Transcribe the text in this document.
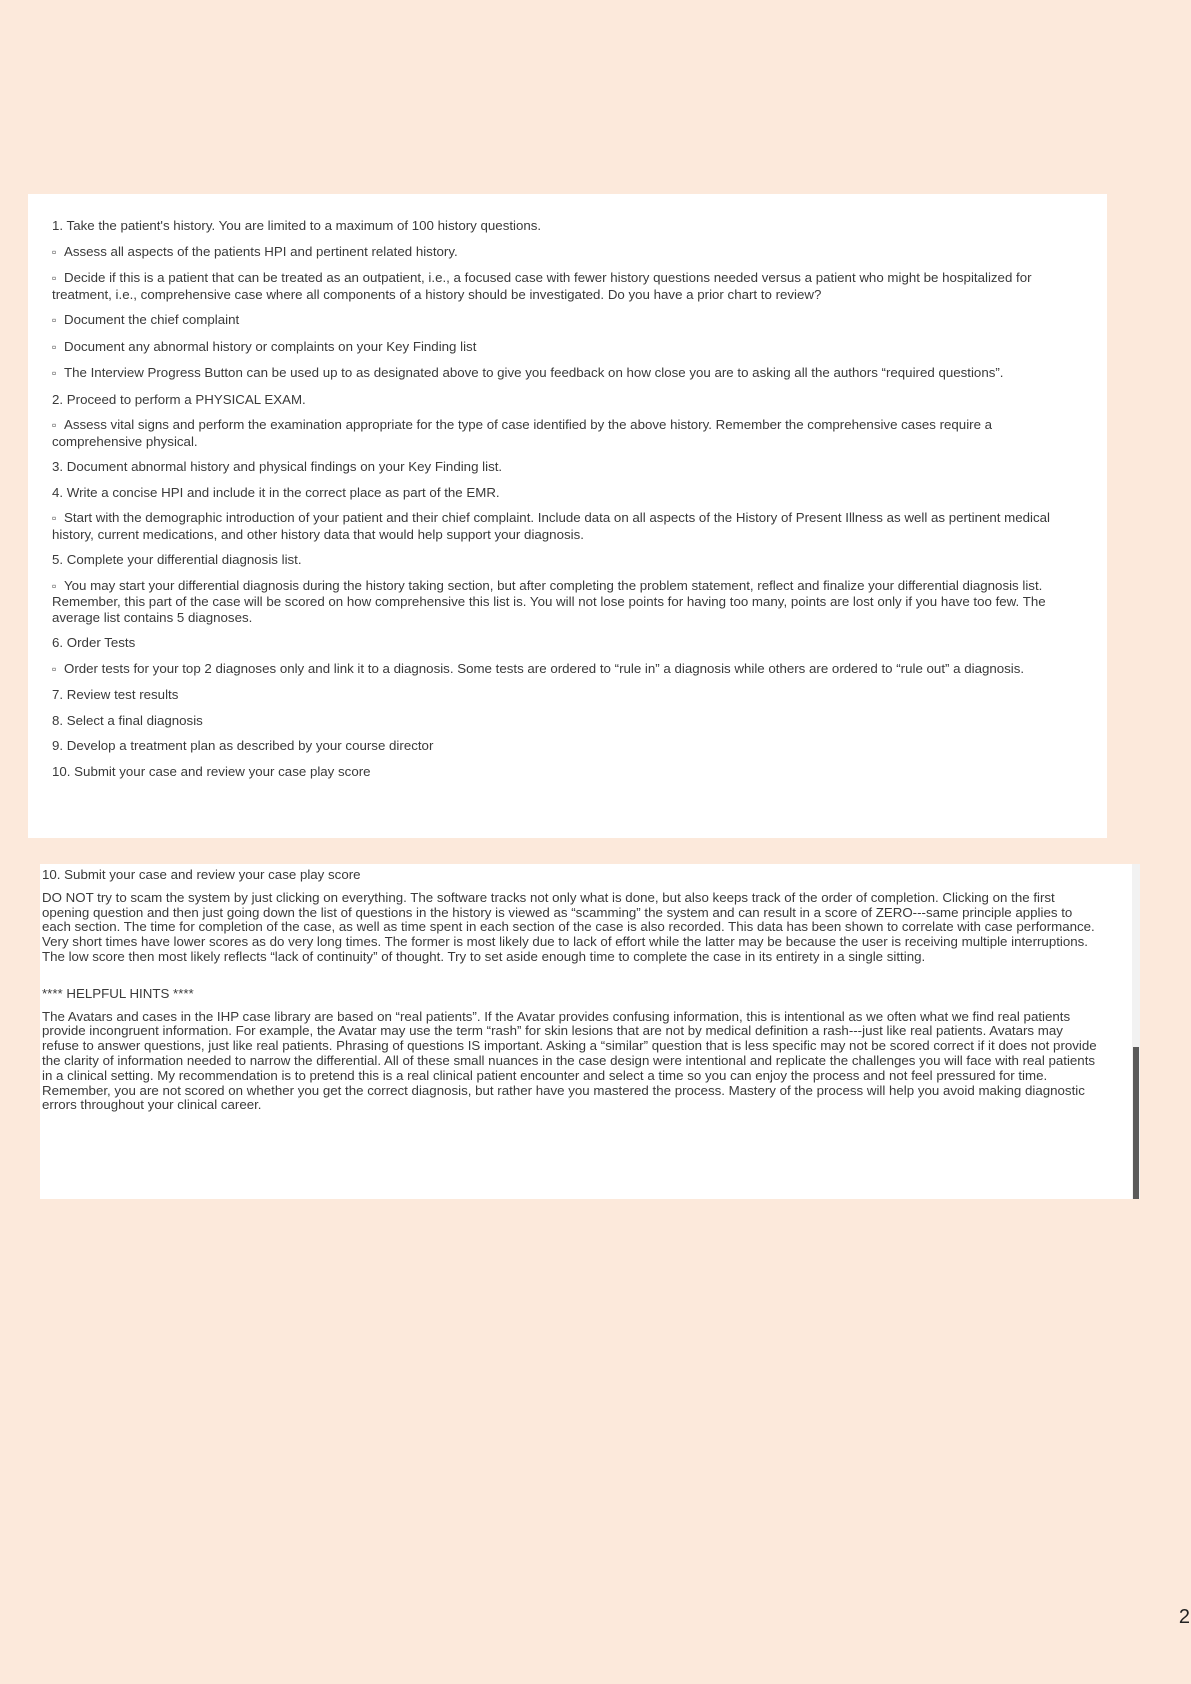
1. Take the patient's history. You are limited to a maximum of 100 history questions.
▫ Assess all aspects of the patients HPI and pertinent related history.
▫ Decide if this is a patient that can be treated as an outpatient, i.e., a focused case with fewer history questions needed versus a patient who might be hospitalized for treatment, i.e., comprehensive case where all components of a history should be investigated. Do you have a prior chart to review?
▫ Document the chief complaint
▫ Document any abnormal history or complaints on your Key Finding list
▫ The Interview Progress Button can be used up to as designated above to give you feedback on how close you are to asking all the authors “required questions”.
2. Proceed to perform a PHYSICAL EXAM.
▫ Assess vital signs and perform the examination appropriate for the type of case identified by the above history. Remember the comprehensive cases require a comprehensive physical.
3. Document abnormal history and physical findings on your Key Finding list.
4. Write a concise HPI and include it in the correct place as part of the EMR.
▫ Start with the demographic introduction of your patient and their chief complaint. Include data on all aspects of the History of Present Illness as well as pertinent medical history, current medications, and other history data that would help support your diagnosis.
5. Complete your differential diagnosis list.
▫ You may start your differential diagnosis during the history taking section, but after completing the problem statement, reflect and finalize your differential diagnosis list. Remember, this part of the case will be scored on how comprehensive this list is. You will not lose points for having too many, points are lost only if you have too few. The average list contains 5 diagnoses.
6. Order Tests
▫ Order tests for your top 2 diagnoses only and link it to a diagnosis. Some tests are ordered to “rule in” a diagnosis while others are ordered to “rule out” a diagnosis.
7. Review test results
8. Select a final diagnosis
9. Develop a treatment plan as described by your course director
10. Submit your case and review your case play score
10. Submit your case and review your case play score
DO NOT try to scam the system by just clicking on everything. The software tracks not only what is done, but also keeps track of the order of completion. Clicking on the first opening question and then just going down the list of questions in the history is viewed as “scamming” the system and can result in a score of ZERO---same principle applies to each section. The time for completion of the case, as well as time spent in each section of the case is also recorded. This data has been shown to correlate with case performance. Very short times have lower scores as do very long times. The former is most likely due to lack of effort while the latter may be because the user is receiving multiple interruptions. The low score then most likely reflects “lack of continuity” of thought. Try to set aside enough time to complete the case in its entirety in a single sitting.
**** HELPFUL HINTS ****
The Avatars and cases in the IHP case library are based on “real patients”. If the Avatar provides confusing information, this is intentional as we often what we find real patients provide incongruent information. For example, the Avatar may use the term “rash” for skin lesions that are not by medical definition a rash---just like real patients. Avatars may refuse to answer questions, just like real patients. Phrasing of questions IS important. Asking a “similar” question that is less specific may not be scored correct if it does not provide the clarity of information needed to narrow the differential. All of these small nuances in the case design were intentional and replicate the challenges you will face with real patients in a clinical setting. My recommendation is to pretend this is a real clinical patient encounter and select a time so you can enjoy the process and not feel pressured for time. Remember, you are not scored on whether you get the correct diagnosis, but rather have you mastered the process. Mastery of the process will help you avoid making diagnostic errors throughout your clinical career.
2
